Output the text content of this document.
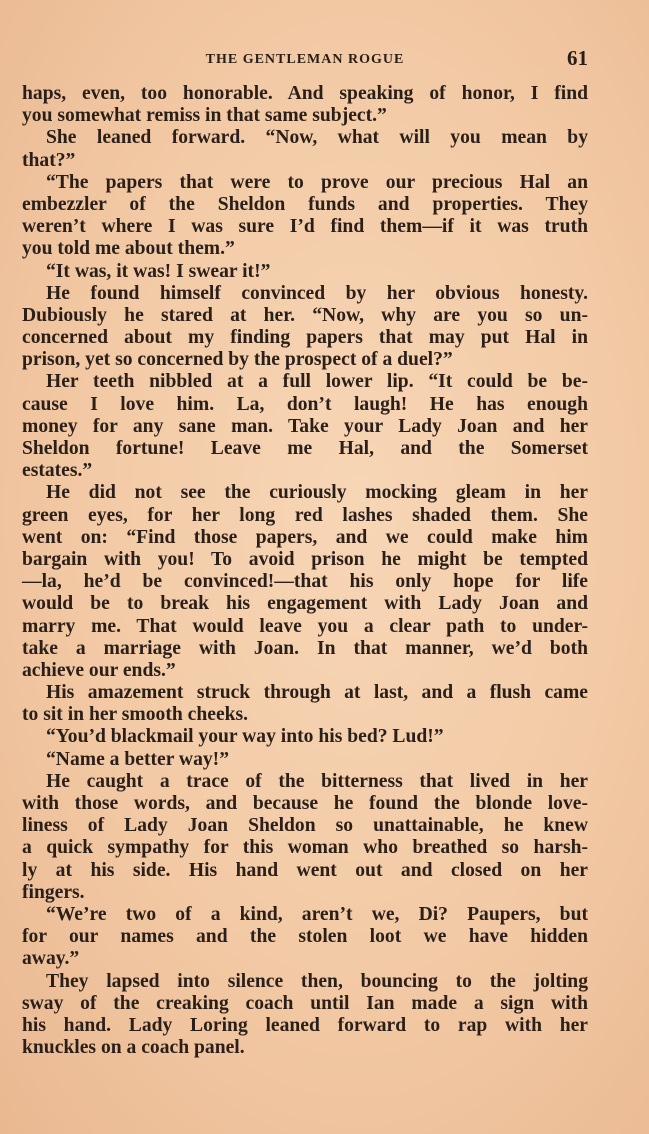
THE GENTLEMAN ROGUE	61
haps, even, too honorable. And speaking of honor, I find
you somewhat remiss in that same subject.”
She leaned forward. “Now, what will you mean by
that?”
“The papers that were to prove our precious Hal an
embezzler of the Sheldon funds and properties. They
weren’t where I was sure I’d find them—if it was truth
you told me about them.”
“It was, it was! I swear it!”
He found himself convinced by her obvious honesty.
Dubiously he stared at her. “Now, why are you so un-
concerned about my finding papers that may put Hal in
prison, yet so concerned by the prospect of a duel?”
Her teeth nibbled at a full lower lip. “It could be be-
cause I love him. La, don’t laugh! He has enough
money for any sane man. Take your Lady Joan and her
Sheldon fortune! Leave me Hal, and the Somerset
estates.”
He did not see the curiously mocking gleam in her
green eyes, for her long red lashes shaded them. She
went on: “Find those papers, and we could make him
bargain with you! To avoid prison he might be tempted
—la, he’d be convinced!—that his only hope for life
would be to break his engagement with Lady Joan and
marry me. That would leave you a clear path to under-
take a marriage with Joan. In that manner, we’d both
achieve our ends.”
His amazement struck through at last, and a flush came
to sit in her smooth cheeks.
“You’d blackmail your way into his bed? Lud!”
“Name a better way!”
He caught a trace of the bitterness that lived in her
with those words, and because he found the blonde love-
liness of Lady Joan Sheldon so unattainable, he knew
a quick sympathy for this woman who breathed so harsh-
ly at his side. His hand went out and closed on her
fingers.
“We’re two of a kind, aren’t we, Di? Paupers, but
for our names and the stolen loot we have hidden
away.”
They lapsed into silence then, bouncing to the jolting
sway of the creaking coach until Ian made a sign with
his hand. Lady Loring leaned forward to rap with her
knuckles on a coach panel.
